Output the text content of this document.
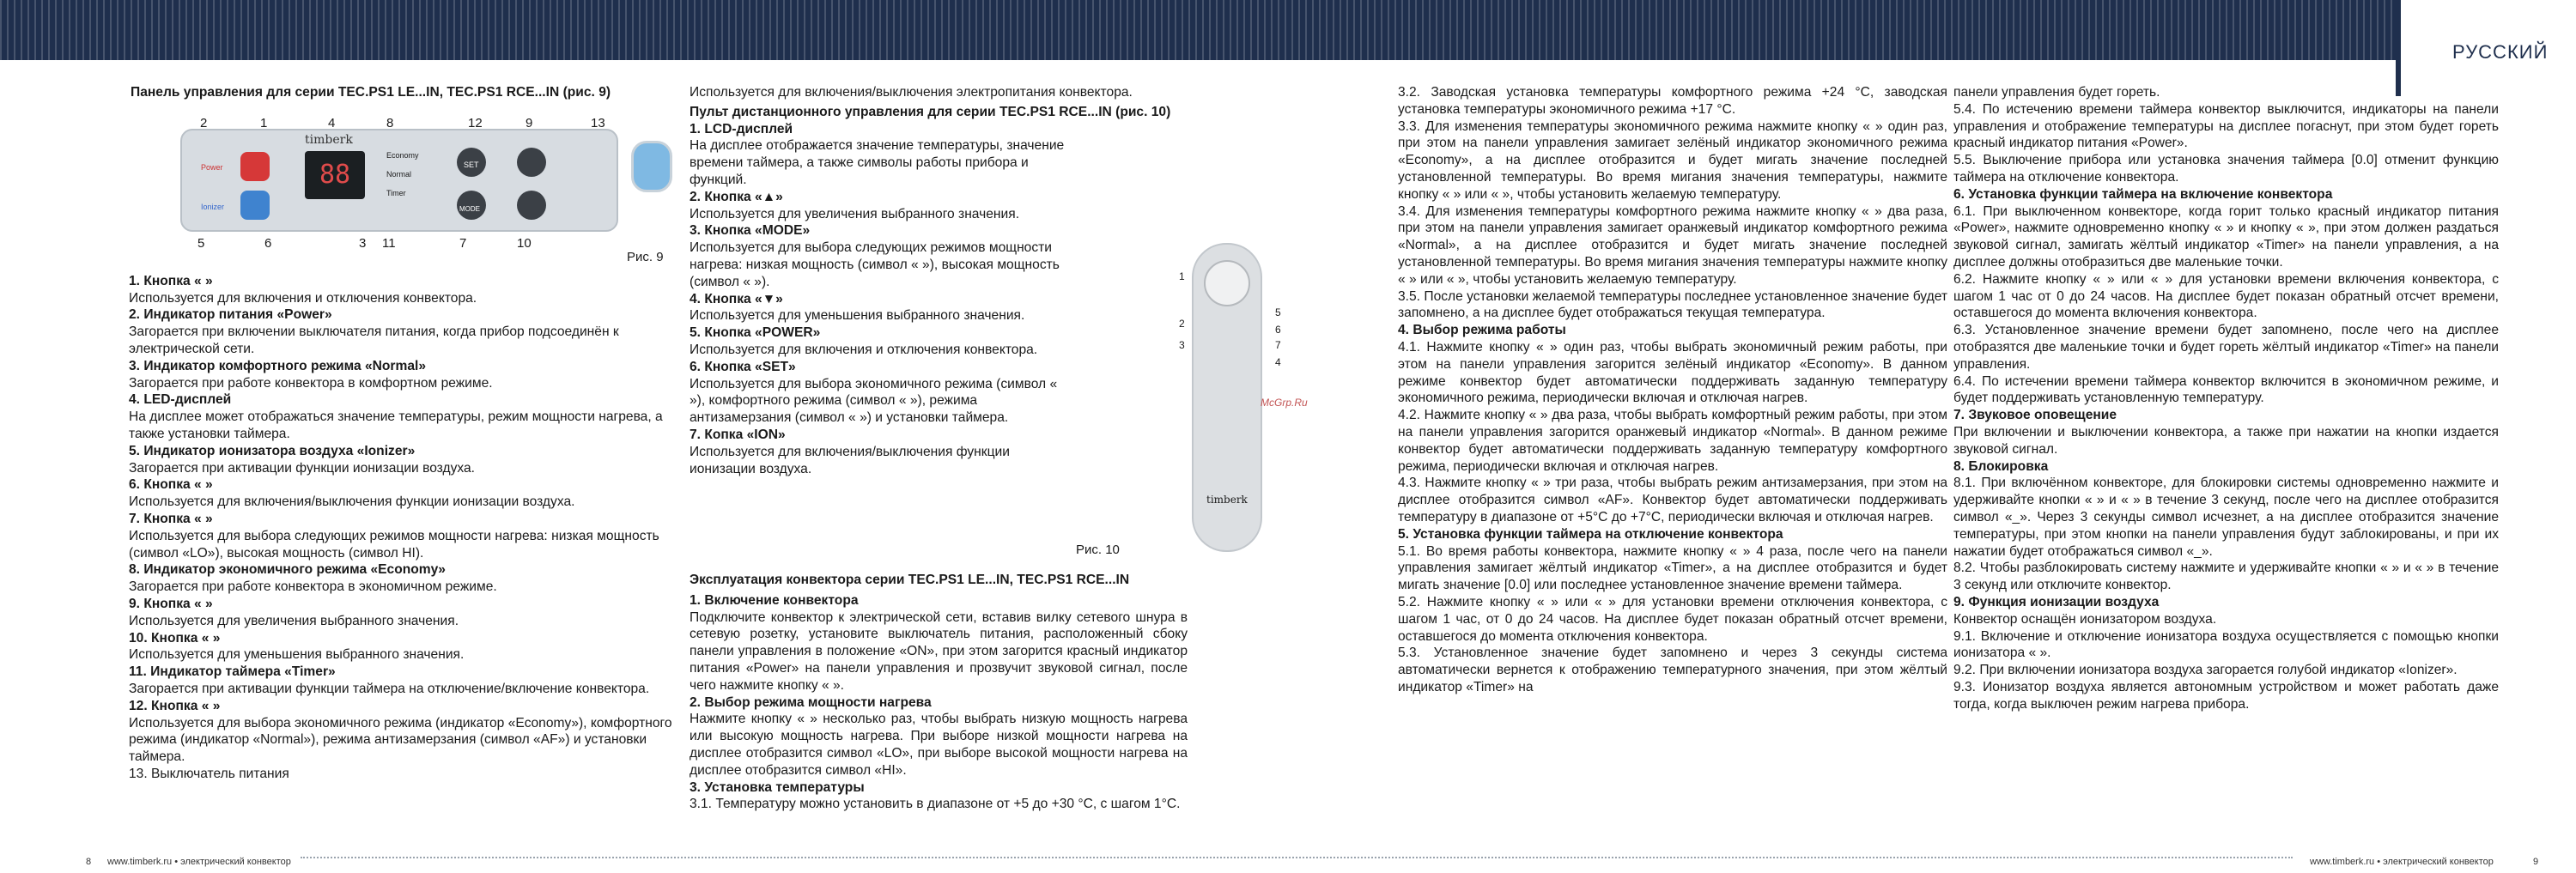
РУССКИЙ

Панель управления для серии TEC.PS1 LE...IN, TEC.PS1 RCE...IN (рис. 9)

2	1	4	8	12	9	13
5	6	3 11	7	10
timberk
88
Economy
Normal
Timer
Power
Ionizer
SET
MODE
Рис. 9

1. Кнопка « »

Используется для включения и отключения конвектора.

2. Индикатор питания «Power»

Загорается при включении выключателя питания, когда прибор подсоединён к электрической сети.

3. Индикатор комфортного режима «Normal»

Загорается при работе конвектора в комфортном режиме.

4. LED-дисплей

На дисплее может отображаться значение температуры, режим мощности нагрева, а также установки таймера.

5. Индикатор ионизатора воздуха «Ionizer»

Загорается при активации функции ионизации воздуха.

6. Кнопка « »

Используется для включения/выключения функции ионизации воздуха.

7. Кнопка « »

Используется для выбора следующих режимов мощности нагрева: низкая мощность (символ «LO»), высокая мощность (символ HI).

8. Индикатор экономичного режима «Economy»

Загорается при работе конвектора в экономичном режиме.

9. Кнопка « »

Используется для увеличения выбранного значения.

10. Кнопка « »

Используется для уменьшения выбранного значения.

11. Индикатор таймера «Timer»

Загорается при активации функции таймера на отключение/включение конвектора.

12. Кнопка « »

Используется для выбора экономичного режима (индикатор «Economy»), комфортного режима (индикатор «Normal»), режима антизамерзания (символ «AF») и установки таймера.

13. Выключатель питания

Используется для включения/выключения электропитания конвектора.

Пульт дистанционного управления для серии TEC.PS1 RCE...IN (рис. 10)

1. LCD-дисплей

На дисплее отображается значение температуры, значение времени таймера, а также символы работы прибора и функций.

2. Кнопка «▲»

Используется для увеличения выбранного значения.

3. Кнопка «MODE»

Используется для выбора следующих режимов мощности нагрева: низкая мощность (символ « »), высокая мощность (символ « »).

4. Кнопка «▼»

Используется для уменьшения выбранного значения.

5. Кнопка «POWER»

Используется для включения и отключения конвектора.

6. Кнопка «SET»

Используется для выбора экономичного режима (символ « »), комфортного режима (символ « »), режима антизамерзания (символ « ») и установки таймера.

7. Копка «ION»

Используется для включения/выключения функции ионизации воздуха.

1
2
3
5
6
7
4
timberk
Рис. 10

Эксплуатация конвектора серии TEC.PS1 LE...IN, TEC.PS1 RCE...IN

1. Включение конвектора

Подключите конвектор к электрической сети, вставив вилку сетевого шнура в сетевую розетку, установите выключатель питания, расположенный сбоку панели управления в положение «ON», при этом загорится красный индикатор питания «Power» на панели управления и прозвучит звуковой сигнал, после чего нажмите кнопку « ».

2. Выбор режима мощности нагрева

Нажмите кнопку « » несколько раз, чтобы выбрать низкую мощность нагрева или высокую мощность нагрева. При выборе низкой мощности нагрева на дисплее отобразится символ «LO», при выборе высокой мощности нагрева на дисплее отобразится символ «HI».

3. Установка температуры

3.1. Температуру можно установить в диапазоне от +5 до +30 °C, с шагом 1°C.

3.2. Заводская установка температуры комфортного режима +24 °C, заводская установка температуры экономичного режима +17 °C.

3.3. Для изменения температуры экономичного режима нажмите кнопку « » один раз, при этом на панели управления замигает зелёный индикатор экономичного режима «Economy», а на дисплее отобразится и будет мигать значение последней установленной температуры. Во время мигания значения температуры, нажмите кнопку « » или « », чтобы установить желаемую температуру.

3.4. Для изменения температуры комфортного режима нажмите кнопку « » два раза, при этом на панели управления замигает оранжевый индикатор комфортного режима «Normal», а на дисплее отобразится и будет мигать значение последней установленной температуры. Во время мигания значения температуры нажмите кнопку « » или « », чтобы установить желаемую температуру.

3.5. После установки желаемой температуры последнее установленное значение будет запомнено, а на дисплее будет отображаться текущая температура.

4. Выбор режима работы

4.1. Нажмите кнопку « » один раз, чтобы выбрать экономичный режим работы, при этом на панели управления загорится зелёный индикатор «Economy». В данном режиме конвектор будет автоматически поддерживать заданную температуру экономичного режима, периодически включая и отключая нагрев.

4.2. Нажмите кнопку « » два раза, чтобы выбрать комфортный режим работы, при этом на панели управления загорится оранжевый индикатор «Normal». В данном режиме конвектор будет автоматически поддерживать заданную температуру комфортного режима, периодически включая и отключая нагрев.

4.3. Нажмите кнопку « » три раза, чтобы выбрать режим антизамерзания, при этом на дисплее отобразится символ «AF». Конвектор будет автоматически поддерживать температуру в диапазоне от +5°C до +7°C, периодически включая и отключая нагрев.

5. Установка функции таймера на отключение конвектора

5.1. Во время работы конвектора, нажмите кнопку « » 4 раза, после чего на панели управления замигает жёлтый индикатор «Timer», а на дисплее отобразится и будет мигать значение [0.0] или последнее установленное значение времени таймера.

5.2. Нажмите кнопку « » или « » для установки времени отключения конвектора, с шагом 1 час, от 0 до 24 часов. На дисплее будет показан обратный отсчет времени, оставшегося до момента отключения конвектора.

5.3. Установленное значение будет запомнено и через 3 секунды система автоматически вернется к отображению температурного значения, при этом жёлтый индикатор «Timer» на

панели управления будет гореть.

5.4. По истечению времени таймера конвектор выключится, индикаторы на панели управления и отображение температуры на дисплее погаснут, при этом будет гореть красный индикатор питания «Power».

5.5. Выключение прибора или установка значения таймера [0.0] отменит функцию таймера на отключение конвектора.

6. Установка функции таймера на включение конвектора

6.1. При выключенном конвекторе, когда горит только красный индикатор питания «Power», нажмите одновременно кнопку « » и кнопку « », при этом должен раздаться звуковой сигнал, замигать жёлтый индикатор «Timer» на панели управления, а на дисплее должны отобразиться две маленькие точки.

6.2. Нажмите кнопку « » или « » для установки времени включения конвектора, с шагом 1 час от 0 до 24 часов. На дисплее будет показан обратный отсчет времени, оставшегося до момента включения конвектора.

6.3. Установленное значение времени будет запомнено, после чего на дисплее отобразятся две маленькие точки и будет гореть жёлтый индикатор «Timer» на панели управления.

6.4. По истечении времени таймера конвектор включится в экономичном режиме, и будет поддерживать установленную температуру.

7. Звуковое оповещение

При включении и выключении конвектора, а также при нажатии на кнопки издается звуковой сигнал.

8. Блокировка

8.1. При включённом конвекторе, для блокировки системы одновременно нажмите и удерживайте кнопки « » и « » в течение 3 секунд, после чего на дисплее отобразится символ «_». Через 3 секунды символ исчезнет, а на дисплее отобразится значение температуры, при этом кнопки на панели управления будут заблокированы, и при их нажатии будет отображаться символ «_».

8.2. Чтобы разблокировать систему нажмите и удерживайте кнопки « » и « » в течение 3 секунд или отключите конвектор.

9. Функция ионизации воздуха

Конвектор оснащён ионизатором воздуха.

9.1. Включение и отключение ионизатора воздуха осуществляется с помощью кнопки ионизатора « ».

9.2. При включении ионизатора воздуха загорается голубой индикатор «Ionizer».

9.3. Ионизатор воздуха является автономным устройством и может работать даже тогда, когда выключен режим нагрева прибора.

McGrp.Ru
8 www.timberk.ru • электрический конвектор	www.timberk.ru • электрический конвектор	9
